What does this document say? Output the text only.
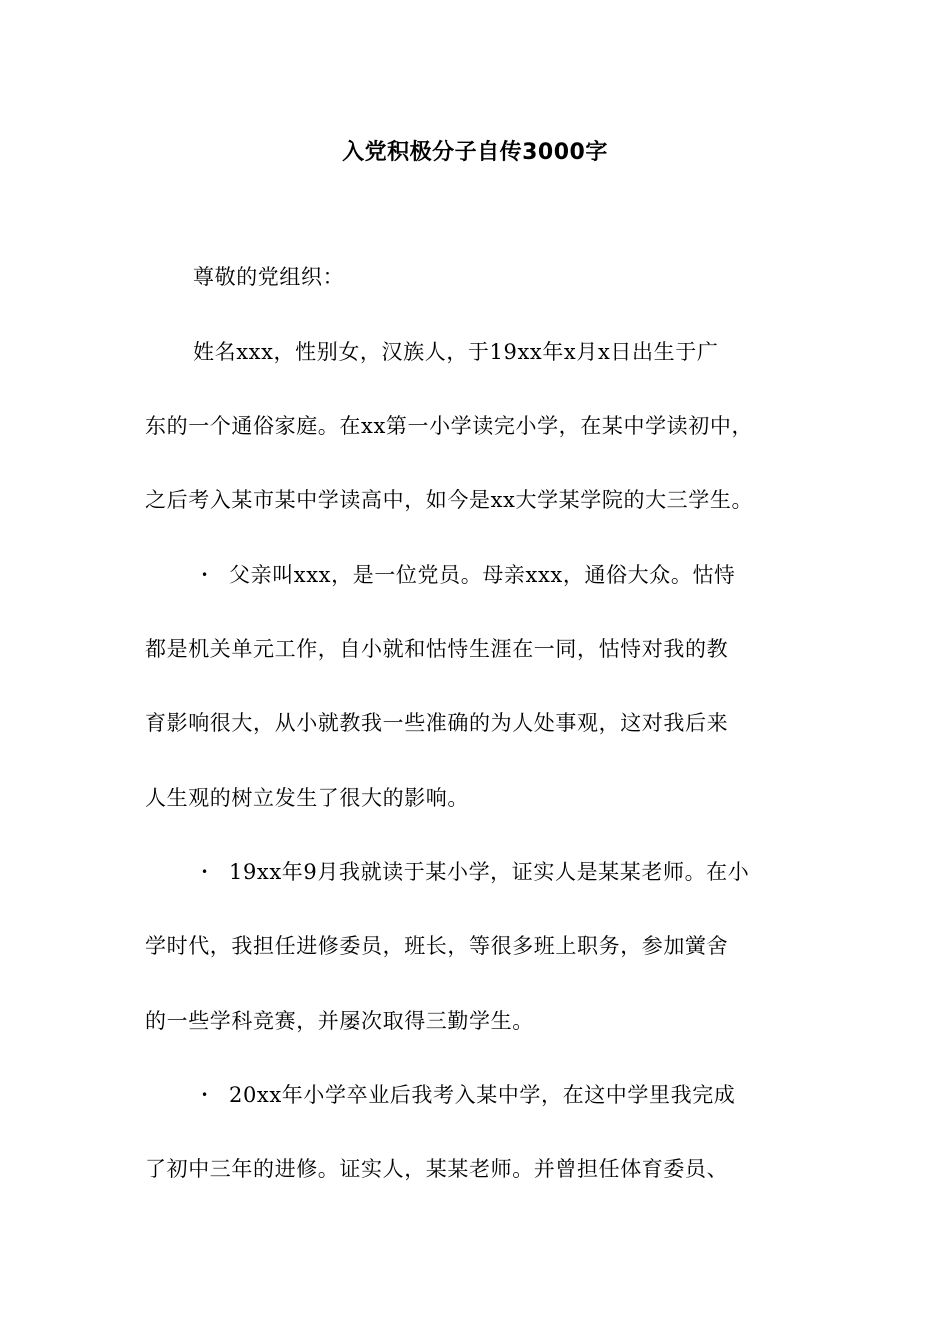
入党积极分子自传3000字
尊敬的党组织：
姓名xxx，性别女，汉族人，于19xx年x月x日出生于广
东的一个通俗家庭。在xx第一小学读完小学，在某中学读初中，
之后考入某市某中学读高中，如今是xx大学某学院的大三学生。
• 父亲叫xxx，是一位党员。母亲xxx，通俗大众。怙恃
都是机关单元工作，自小就和怙恃生涯在一同，怙恃对我的教
育影响很大，从小就教我一些准确的为人处事观，这对我后来
人生观的树立发生了很大的影响。
• 19xx年9月我就读于某小学，证实人是某某老师。在小
学时代，我担任进修委员，班长，等很多班上职务，参加黉舍
的一些学科竞赛，并屡次取得三勤学生。
• 20xx年小学卒业后我考入某中学，在这中学里我完成
了初中三年的进修。证实人，某某老师。并曾担任体育委员、
